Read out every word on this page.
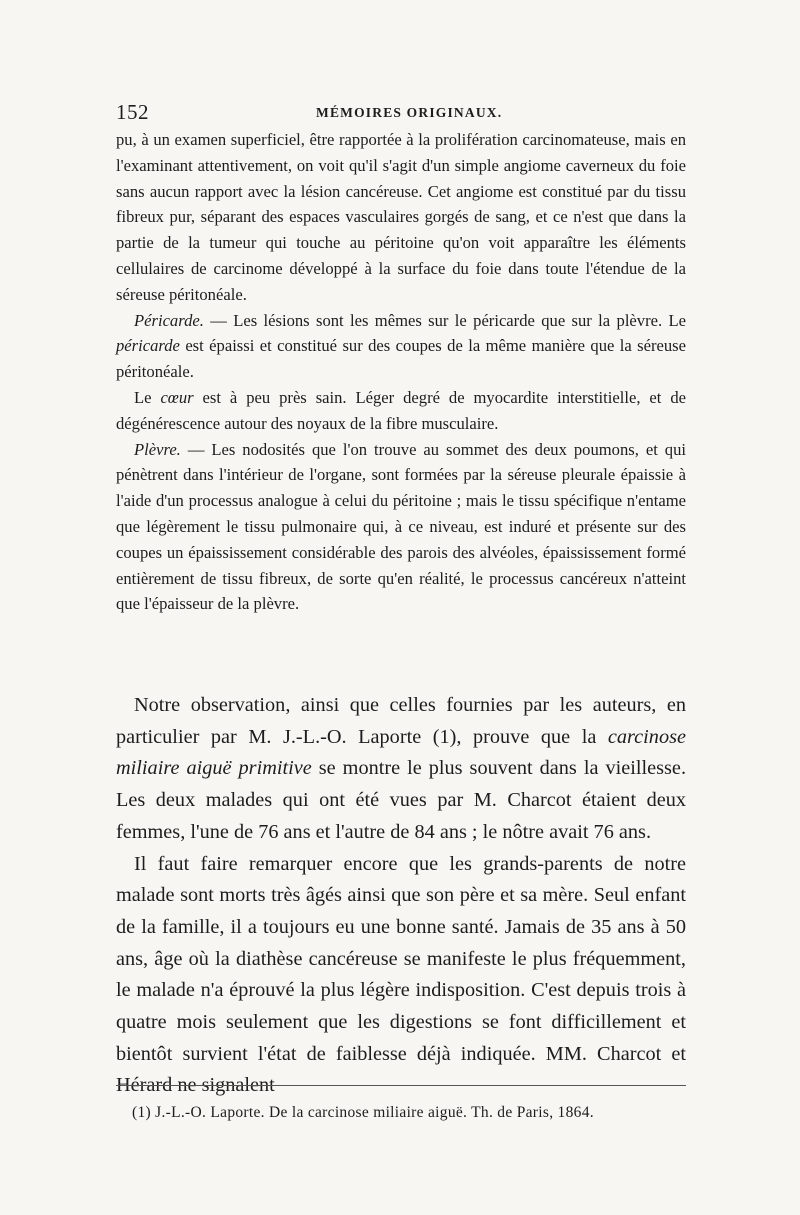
152	MÉMOIRES ORIGINAUX.

pu, à un examen superficiel, être rapportée à la prolifération carcinomateuse, mais en l'examinant attentivement, on voit qu'il s'agit d'un simple angiome caverneux du foie sans aucun rapport avec la lésion cancéreuse. Cet angiome est constitué par du tissu fibreux pur, séparant des espaces vasculaires gorgés de sang, et ce n'est que dans la partie de la tumeur qui touche au péritoine qu'on voit apparaître les éléments cellulaires de carcinome développé à la surface du foie dans toute l'étendue de la séreuse péritonéale.

Péricarde. — Les lésions sont les mêmes sur le péricarde que sur la plèvre. Le péricarde est épaissi et constitué sur des coupes de la même manière que la séreuse péritonéale.

Le cœur est à peu près sain. Léger degré de myocardite interstitielle, et de dégénérescence autour des noyaux de la fibre musculaire.

Plèvre. — Les nodosités que l'on trouve au sommet des deux poumons, et qui pénètrent dans l'intérieur de l'organe, sont formées par la séreuse pleurale épaissie à l'aide d'un processus analogue à celui du péritoine ; mais le tissu spécifique n'entame que légèrement le tissu pulmonaire qui, à ce niveau, est induré et présente sur des coupes un épaississement considérable des parois des alvéoles, épaississement formé entièrement de tissu fibreux, de sorte qu'en réalité, le processus cancéreux n'atteint que l'épaisseur de la plèvre.

Notre observation, ainsi que celles fournies par les auteurs, en particulier par M. J.-L.-O. Laporte (1), prouve que la carcinose miliaire aiguë primitive se montre le plus souvent dans la vieillesse. Les deux malades qui ont été vues par M. Charcot étaient deux femmes, l'une de 76 ans et l'autre de 84 ans ; le nôtre avait 76 ans.

Il faut faire remarquer encore que les grands-parents de notre malade sont morts très âgés ainsi que son père et sa mère. Seul enfant de la famille, il a toujours eu une bonne santé. Jamais de 35 ans à 50 ans, âge où la diathèse cancéreuse se manifeste le plus fréquemment, le malade n'a éprouvé la plus légère indisposition. C'est depuis trois à quatre mois seulement que les digestions se font difficillement et bientôt survient l'état de faiblesse déjà indiquée. MM. Charcot et Hérard ne signalent

(1) J.-L.-O. Laporte. De la carcinose miliaire aiguë. Th. de Paris, 1864.
